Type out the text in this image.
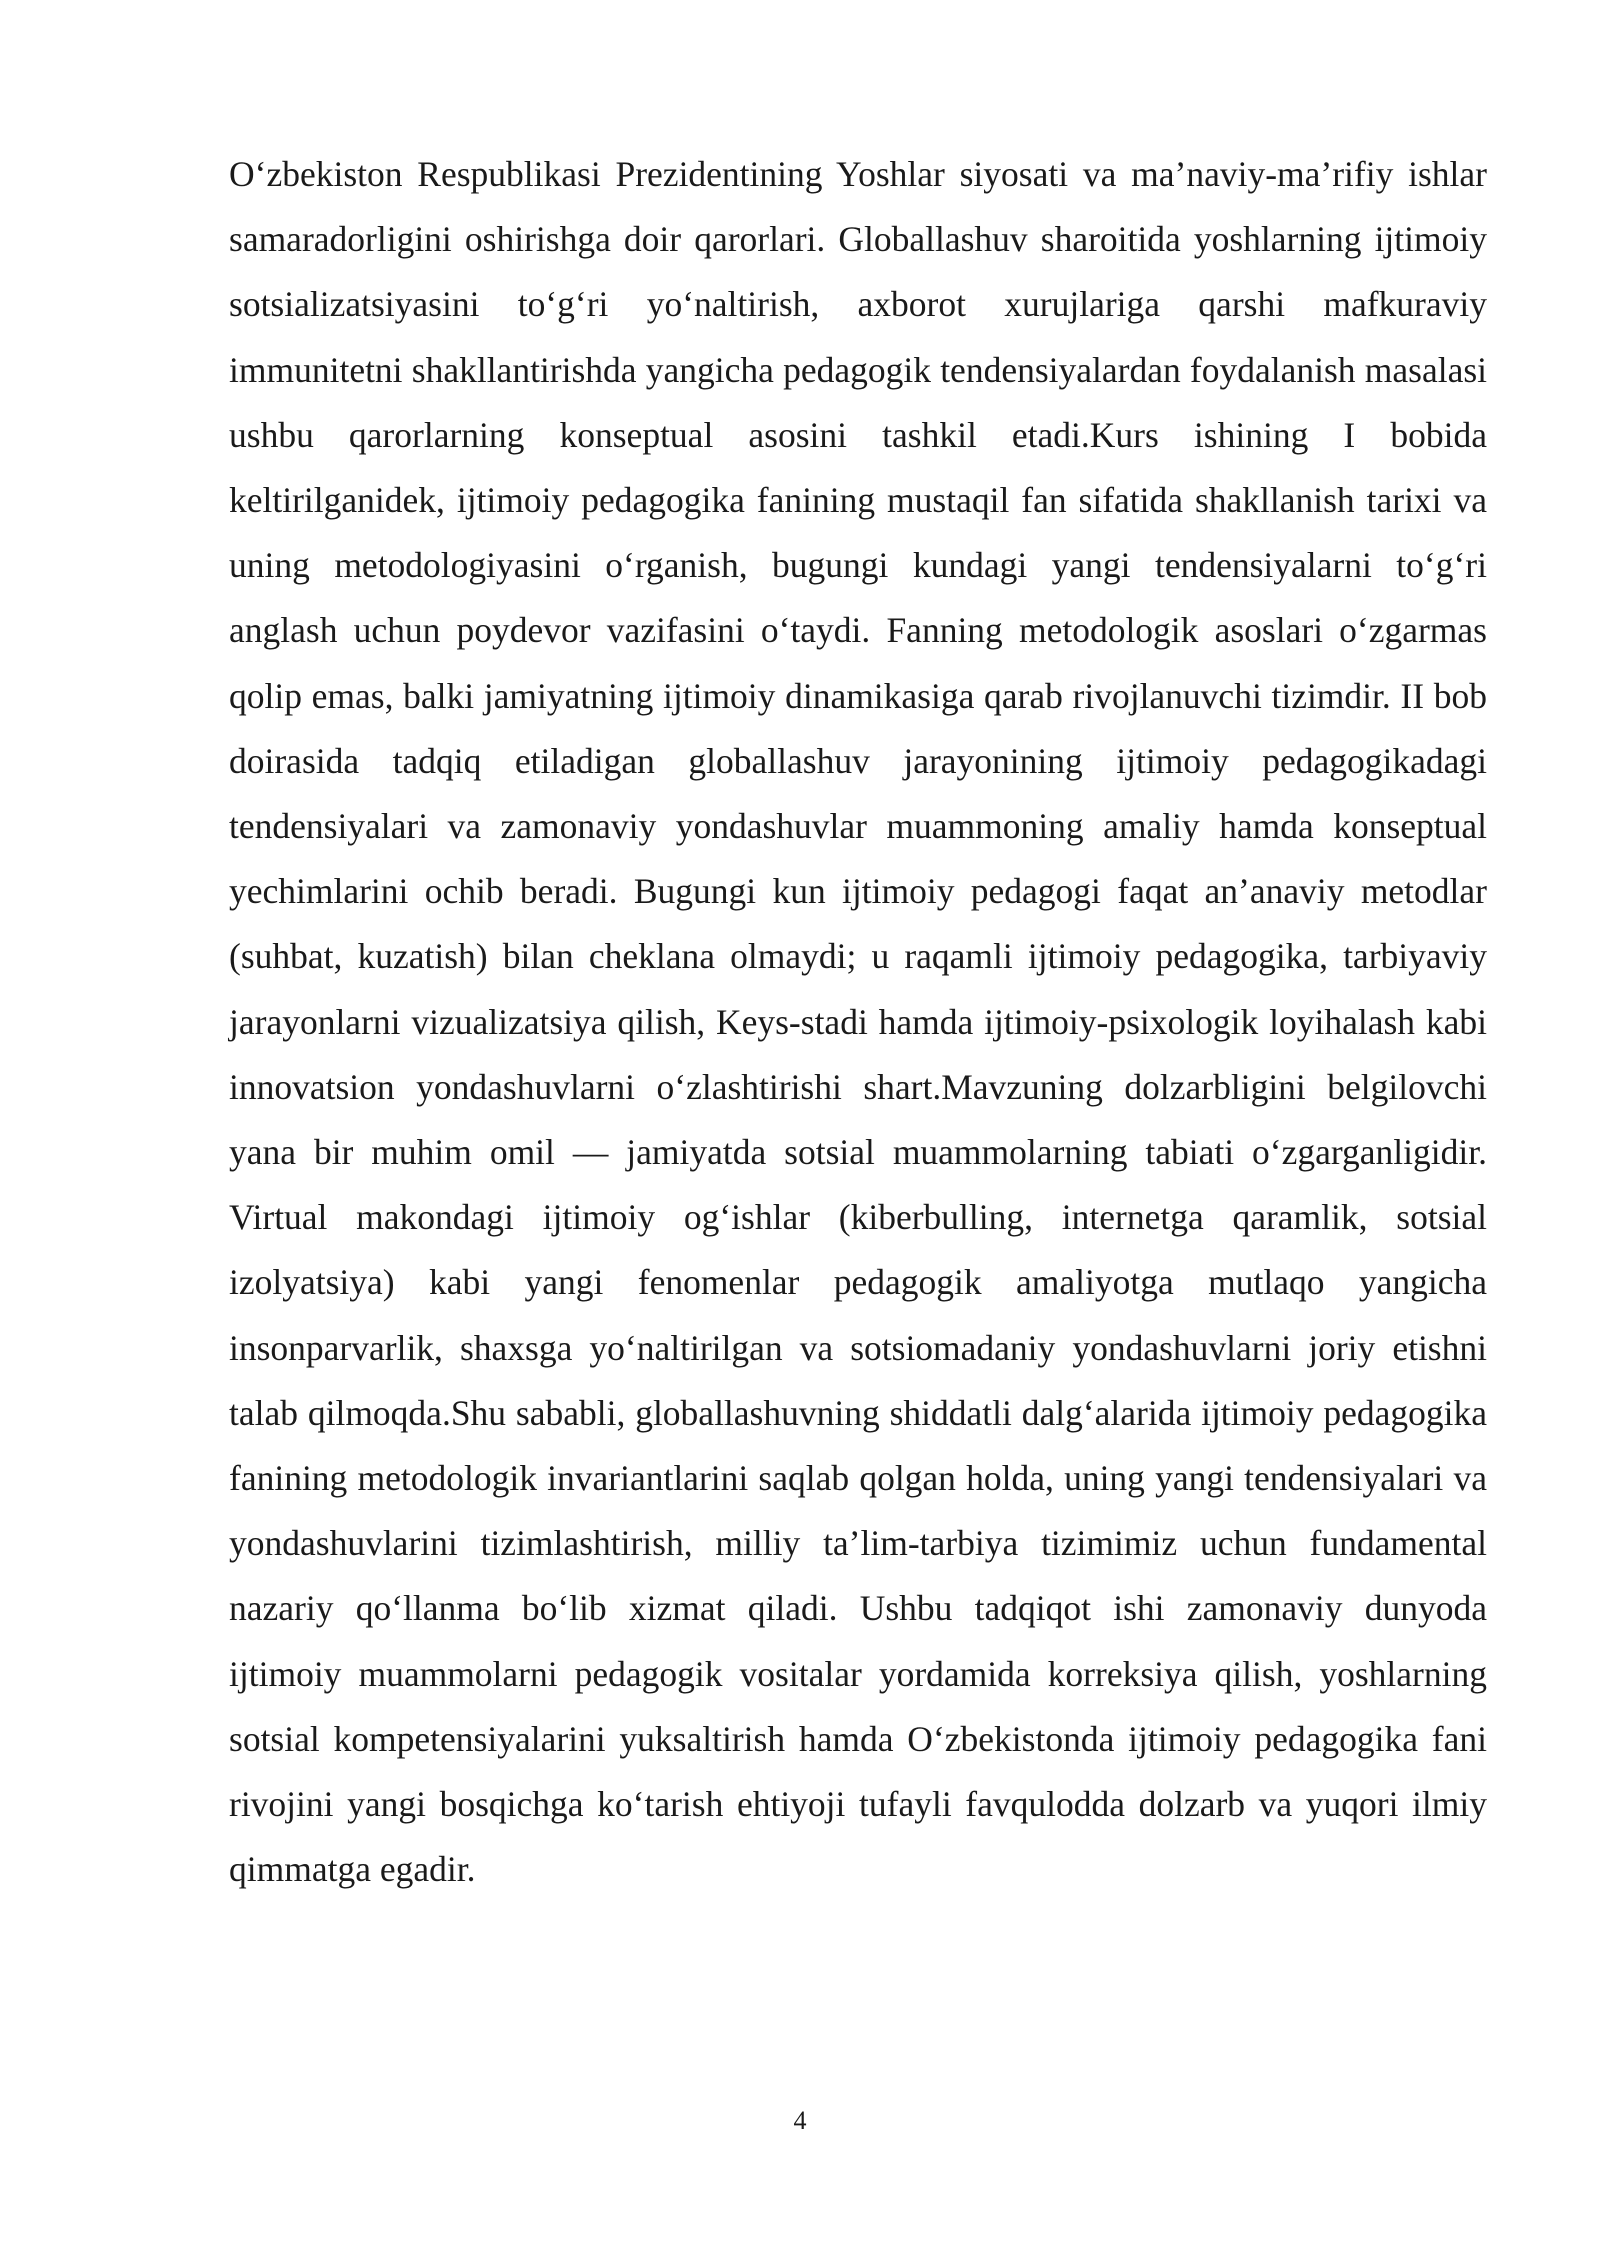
O‘zbekiston Respublikasi Prezidentining Yoshlar siyosati va ma’naviy-ma’rifiy ishlar samaradorligini oshirishga doir qarorlari. Globallashuv sharoitida yoshlarning ijtimoiy sotsializatsiyasini to‘g‘ri yo‘naltirish, axborot xurujlariga qarshi mafkuraviy immunitetni shakllantirishda yangicha pedagogik tendensiyalardan foydalanish masalasi ushbu qarorlarning konseptual asosini tashkil etadi.Kurs ishining I bobida keltirilganidek, ijtimoiy pedagogika fanining mustaqil fan sifatida shakllanish tarixi va uning metodologiyasini o‘rganish, bugungi kundagi yangi tendensiyalarni to‘g‘ri anglash uchun poydevor vazifasini o‘taydi. Fanning metodologik asoslari o‘zgarmas qolip emas, balki jamiyatning ijtimoiy dinamikasiga qarab rivojlanuvchi tizimdir. II bob doirasida tadqiq etiladigan globallashuv jarayonining ijtimoiy pedagogikadagi tendensiyalari va zamonaviy yondashuvlar muammoning amaliy hamda konseptual yechimlarini ochib beradi. Bugungi kun ijtimoiy pedagogi faqat an’anaviy metodlar (suhbat, kuzatish) bilan cheklana olmaydi; u raqamli ijtimoiy pedagogika, tarbiyaviy jarayonlarni vizualizatsiya qilish, Keys-stadi hamda ijtimoiy-psixologik loyihalash kabi innovatsion yondashuvlarni o‘zlashtirishi shart.Mavzuning dolzarbligini belgilovchi yana bir muhim omil — jamiyatda sotsial muammolarning tabiati o‘zgarganligidir. Virtual makondagi ijtimoiy og‘ishlar (kiberbulling, internetga qaramlik, sotsial izolyatsiya) kabi yangi fenomenlar pedagogik amaliyotga mutlaqo yangicha insonparvarlik, shaxsga yo‘naltirilgan va sotsiomadaniy yondashuvlarni joriy etishni talab qilmoqda.Shu sababli, globallashuvning shiddatli dalg‘alarida ijtimoiy pedagogika fanining metodologik invariantlarini saqlab qolgan holda, uning yangi tendensiyalari va yondashuvlarini tizimlashtirish, milliy ta’lim-tarbiya tizimimiz uchun fundamental nazariy qo‘llanma bo‘lib xizmat qiladi. Ushbu tadqiqot ishi zamonaviy dunyoda ijtimoiy muammolarni pedagogik vositalar yordamida korreksiya qilish, yoshlarning sotsial kompetensiyalarini yuksaltirish hamda O‘zbekistonda ijtimoiy pedagogika fani rivojini yangi bosqichga ko‘tarish ehtiyoji tufayli favqulodda dolzarb va yuqori ilmiy qimmatga egadir.

4
